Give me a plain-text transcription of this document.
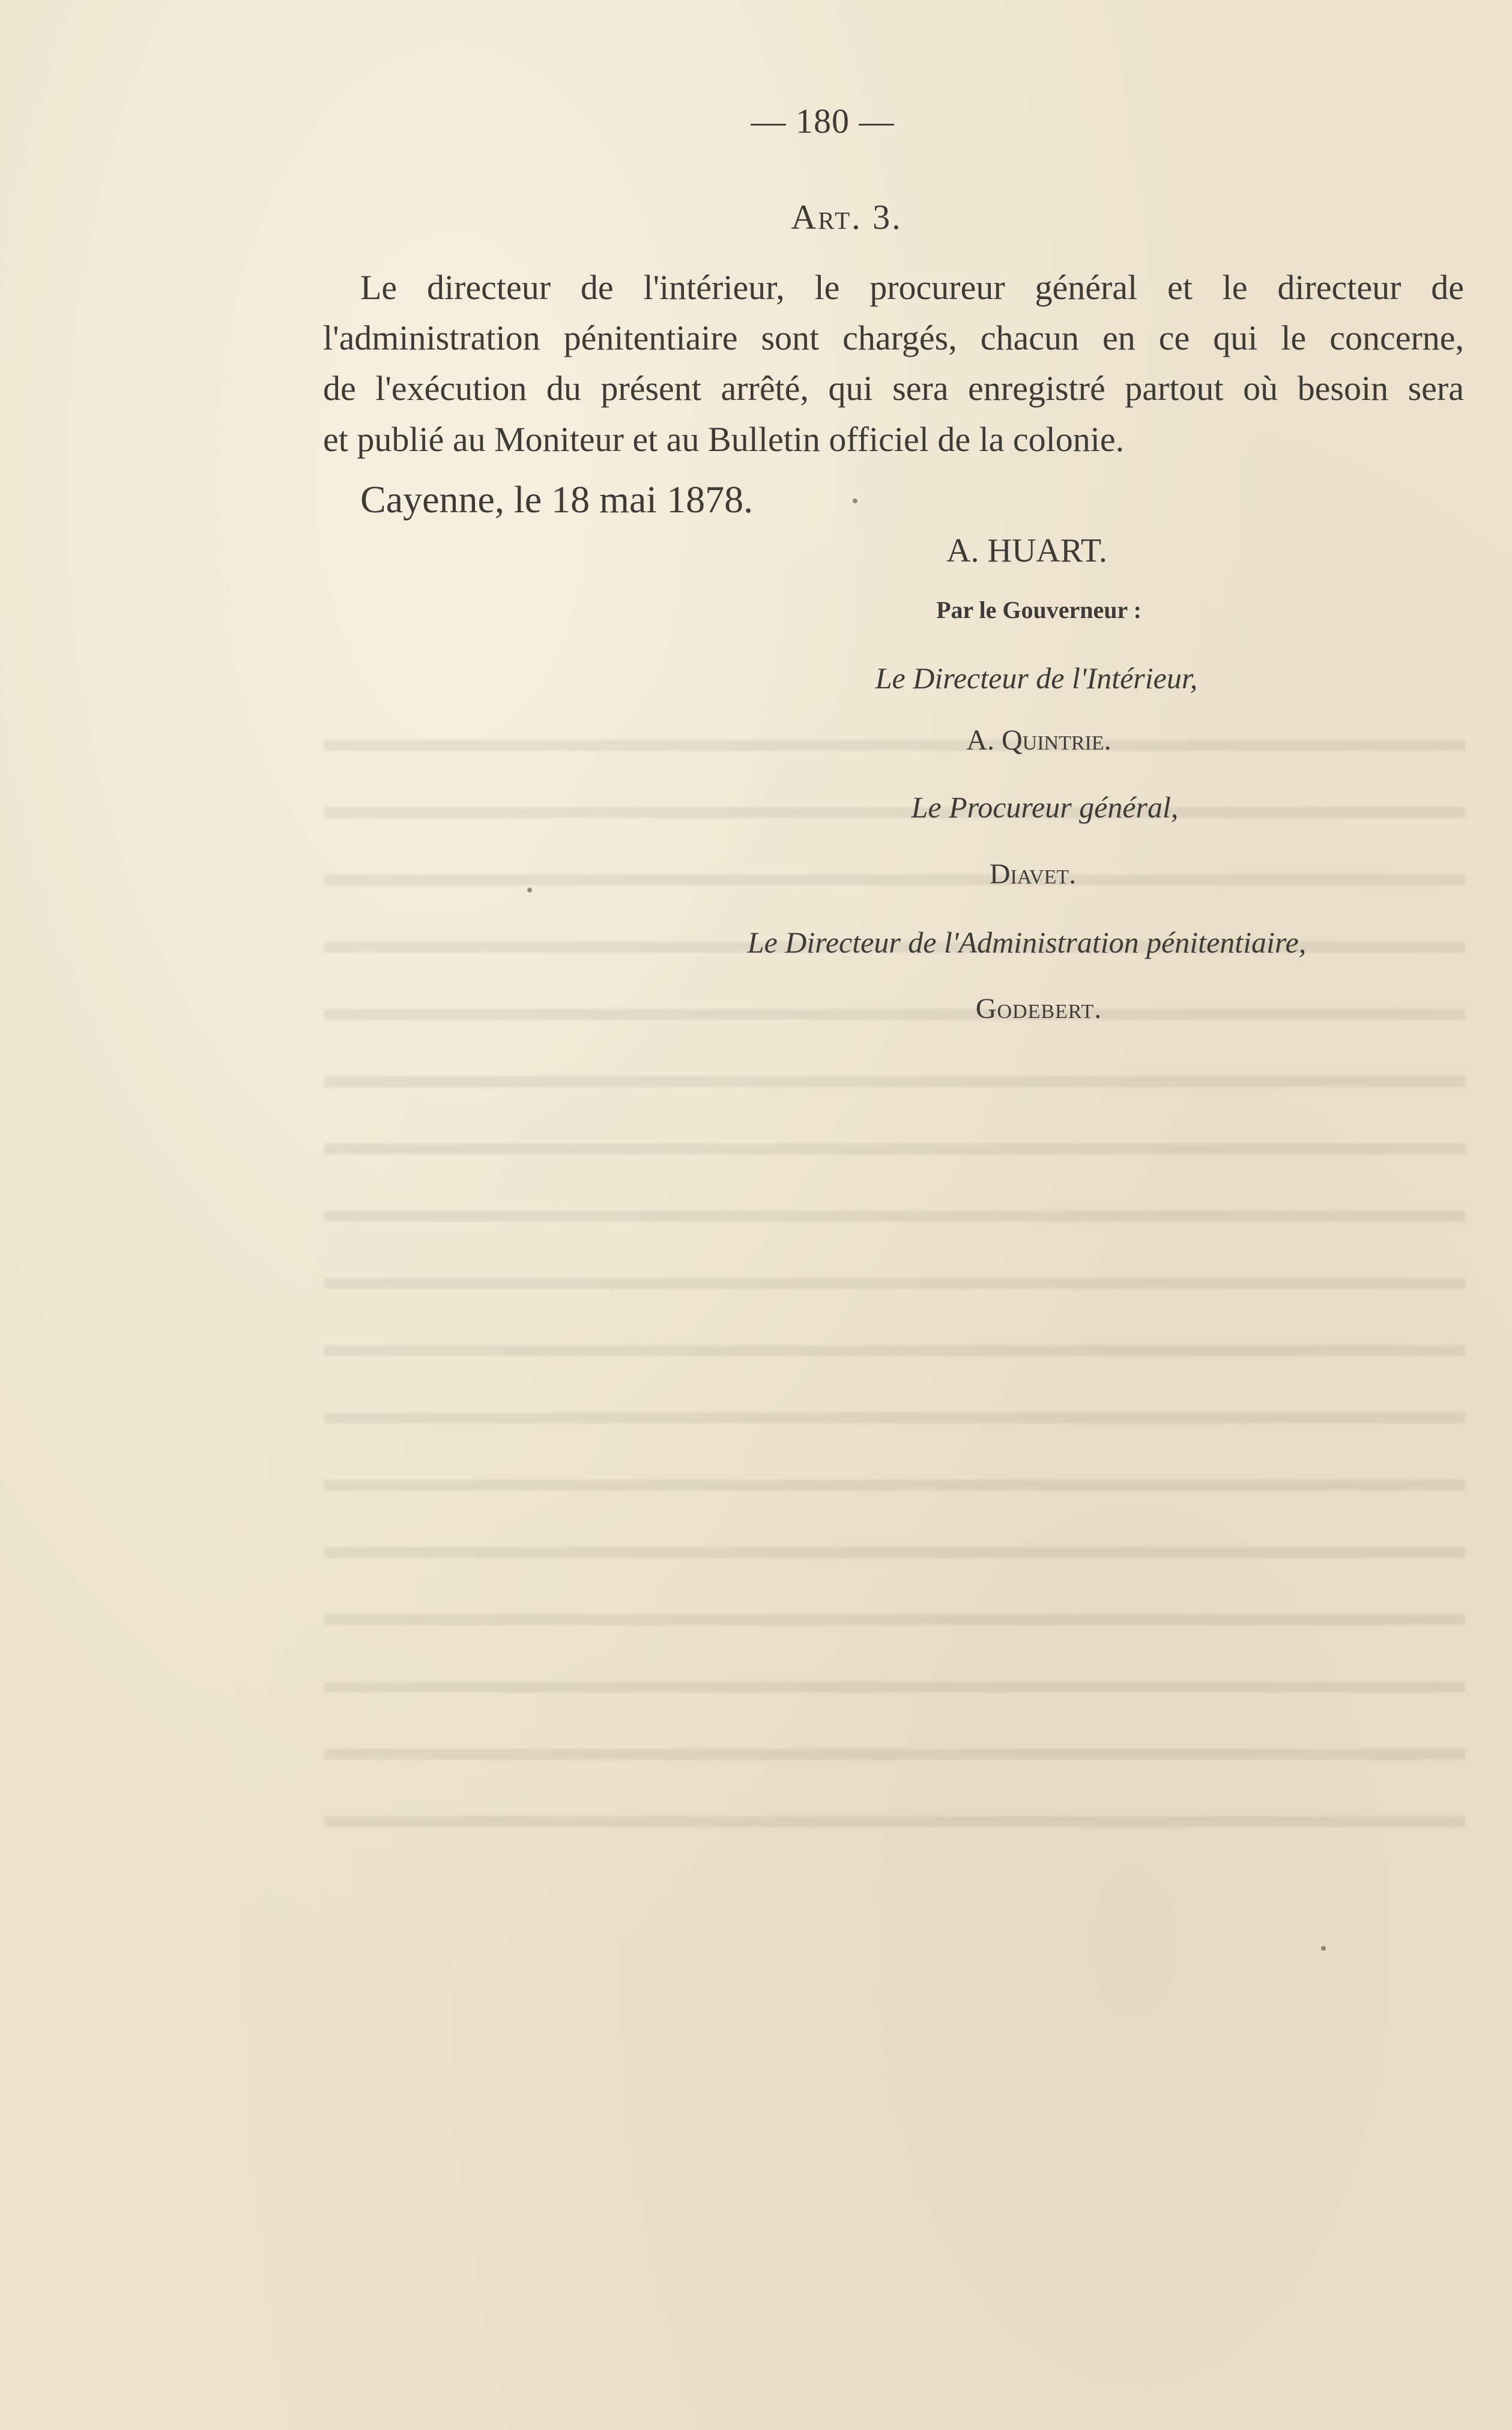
— 180 —

Art. 3.

Le directeur de l'intérieur, le procureur général et le directeur de

l'administration pénitentiaire sont chargés, chacun en ce qui le concerne,

de l'exécution du présent arrêté, qui sera enregistré partout où besoin sera

et publié au Moniteur et au Bulletin officiel de la colonie.

Cayenne, le 18 mai 1878.

A. HUART.

Par le Gouverneur :

Le Directeur de l'Intérieur,

A. Quintrie.

Le Procureur général,

Diavet.

Le Directeur de l'Administration pénitentiaire,

Godebert.
